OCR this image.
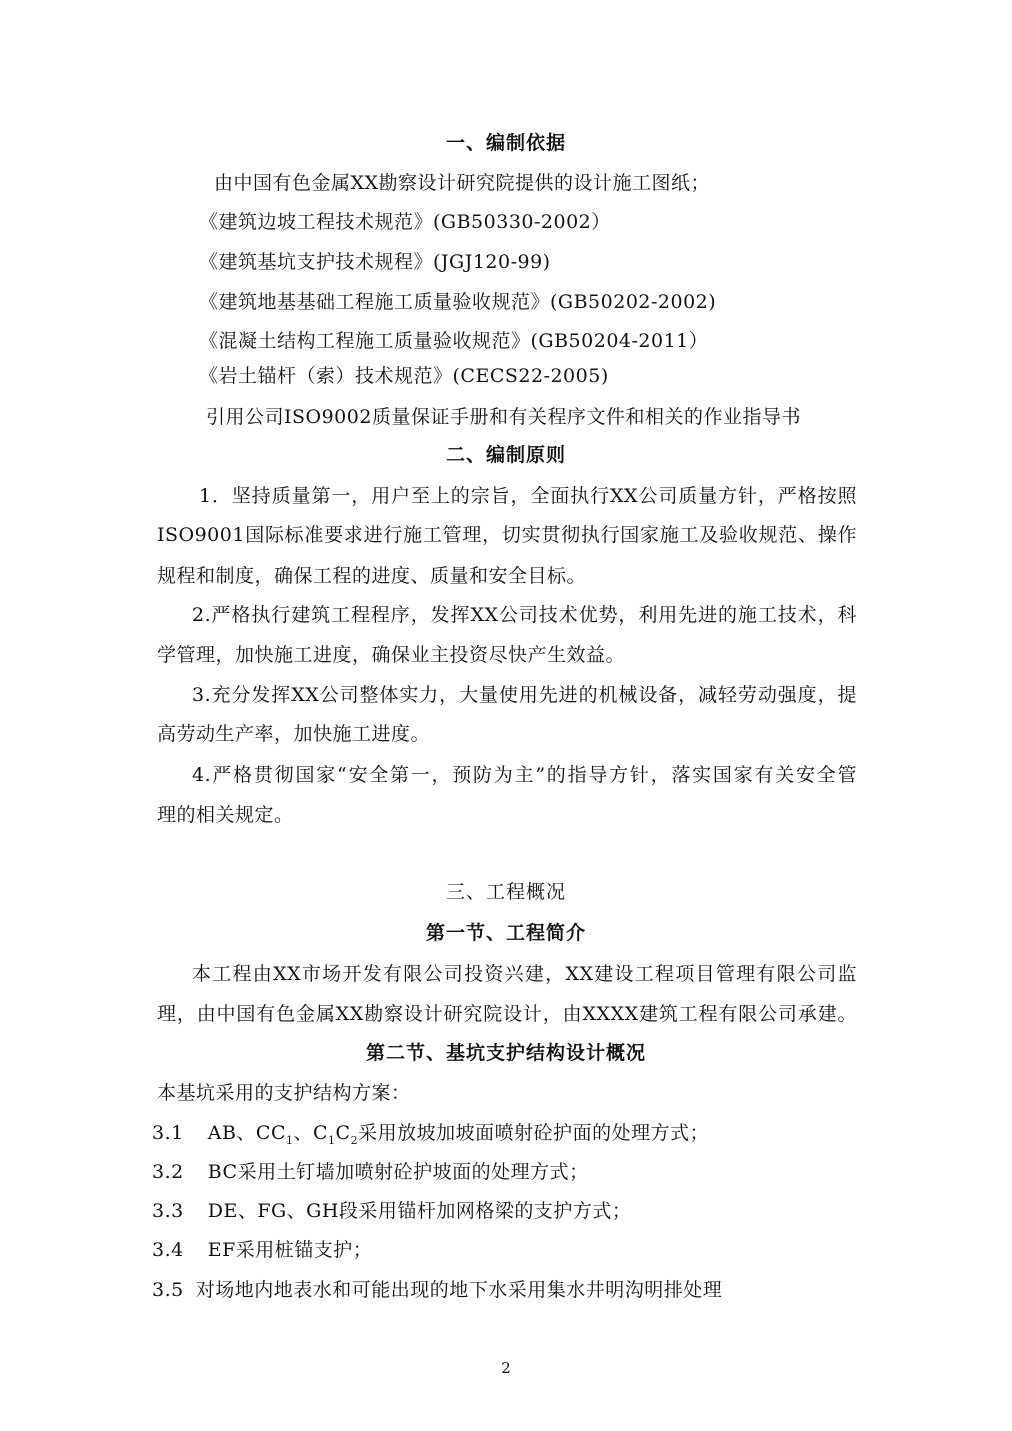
一、编制依据
由中国有色金属XX勘察设计研究院提供的设计施工图纸；
《建筑边坡工程技术规范》(GB50330-2002）
《建筑基坑支护技术规程》(JGJ120-99)
《建筑地基基础工程施工质量验收规范》(GB50202-2002)
《混凝土结构工程施工质量验收规范》(GB50204-2011）
《岩土锚杆（索）技术规范》(CECS22-2005)
引用公司ISO9002质量保证手册和有关程序文件和相关的作业指导书
二、编制原则
1．坚持质量第一，用户至上的宗旨，全面执行XX公司质量方针，严格按照
ISO9001国际标准要求进行施工管理，切实贯彻执行国家施工及验收规范、操作
规程和制度，确保工程的进度、质量和安全目标。
2.严格执行建筑工程程序，发挥XX公司技术优势，利用先进的施工技术，科
学管理，加快施工进度，确保业主投资尽快产生效益。
3.充分发挥XX公司整体实力，大量使用先进的机械设备，减轻劳动强度，提
高劳动生产率，加快施工进度。
4.严格贯彻国家“安全第一，预防为主”的指导方针，落实国家有关安全管
理的相关规定。
三、工程概况
第一节、工程简介
本工程由XX市场开发有限公司投资兴建，XX建设工程项目管理有限公司监
理，由中国有色金属XX勘察设计研究院设计，由XXXX建筑工程有限公司承建。
第二节、基坑支护结构设计概况
本基坑采用的支护结构方案：
3.1 AB、$CC_1$、$C_1C_2$采用放坡加坡面喷射砼护面的处理方式；
3.2 BC采用土钉墙加喷射砼护坡面的处理方式；
3.3 DE、FG、GH段采用锚杆加网格梁的支护方式；
3.4 EF采用桩锚支护；
3.5 对场地内地表水和可能出现的地下水采用集水井明沟明排处理
2
